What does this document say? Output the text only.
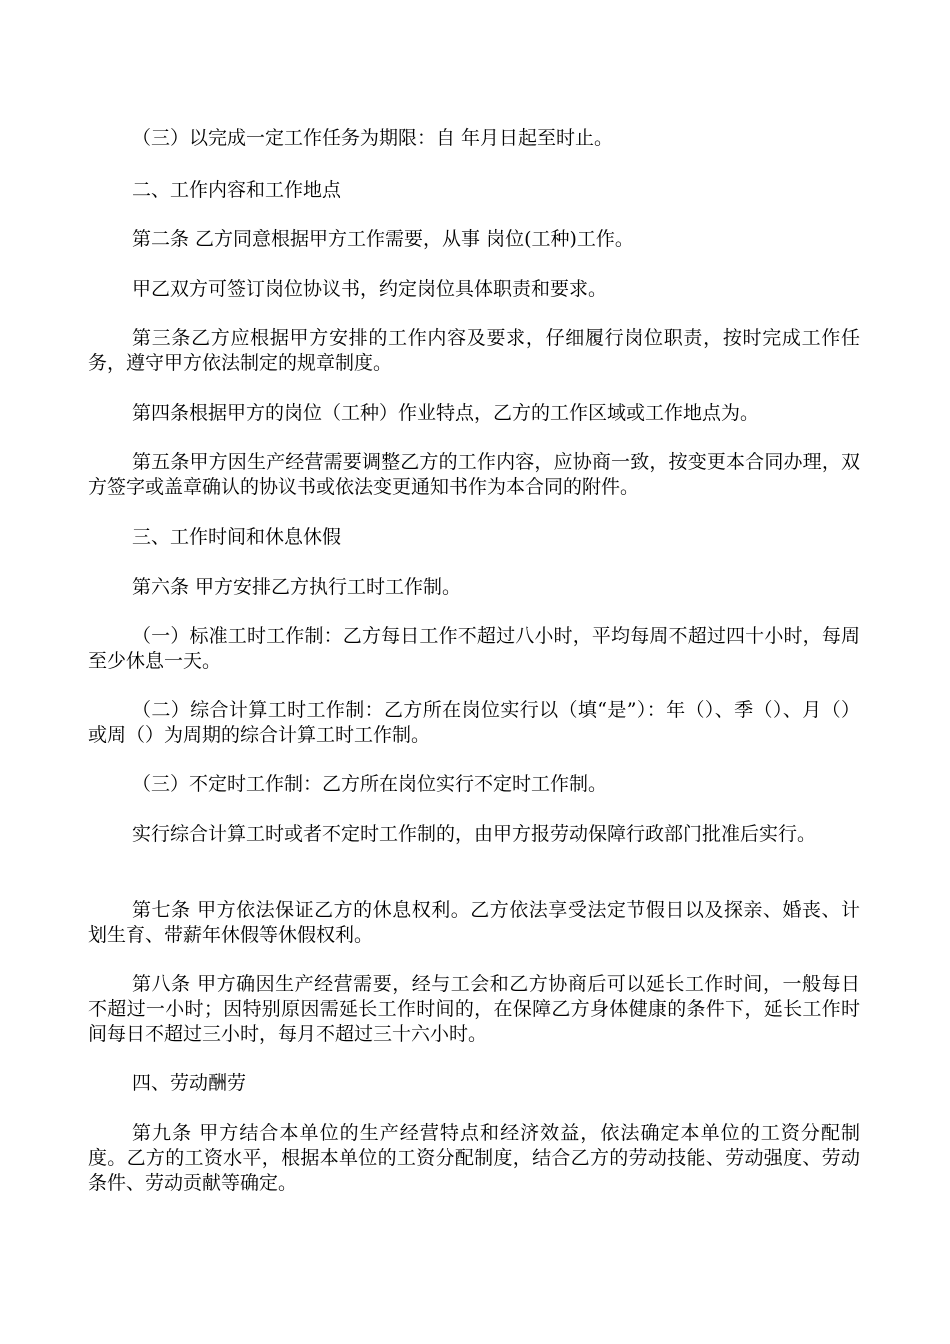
（三）以完成一定工作任务为期限：自 年月日起至时止。

二、工作内容和工作地点

第二条 乙方同意根据甲方工作需要，从事 岗位(工种)工作。

甲乙双方可签订岗位协议书，约定岗位具体职责和要求。

第三条乙方应根据甲方安排的工作内容及要求，仔细履行岗位职责，按时完成工作任务，遵守甲方依法制定的规章制度。

第四条根据甲方的岗位（工种）作业特点，乙方的工作区域或工作地点为。

第五条甲方因生产经营需要调整乙方的工作内容，应协商一致，按变更本合同办理，双方签字或盖章确认的协议书或依法变更通知书作为本合同的附件。

三、工作时间和休息休假

第六条 甲方安排乙方执行工时工作制。

（一）标准工时工作制：乙方每日工作不超过八小时，平均每周不超过四十小时，每周至少休息一天。

（二）综合计算工时工作制：乙方所在岗位实行以（填“是”）：年（）、季（）、月（）或周（）为周期的综合计算工时工作制。

（三）不定时工作制：乙方所在岗位实行不定时工作制。

实行综合计算工时或者不定时工作制的，由甲方报劳动保障行政部门批准后实行。

第七条 甲方依法保证乙方的休息权利。乙方依法享受法定节假日以及探亲、婚丧、计划生育、带薪年休假等休假权利。

第八条 甲方确因生产经营需要，经与工会和乙方协商后可以延长工作时间，一般每日不超过一小时；因特别原因需延长工作时间的，在保障乙方身体健康的条件下，延长工作时间每日不超过三小时，每月不超过三十六小时。

四、劳动酬劳

第九条 甲方结合本单位的生产经营特点和经济效益，依法确定本单位的工资分配制度。乙方的工资水平，根据本单位的工资分配制度，结合乙方的劳动技能、劳动强度、劳动条件、劳动贡献等确定。
